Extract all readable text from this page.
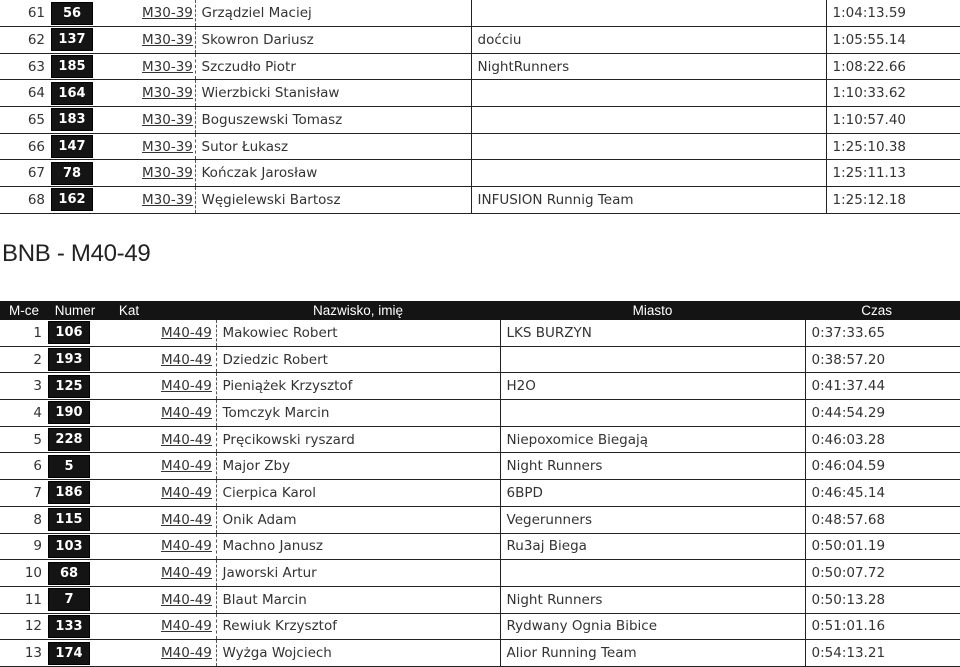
61	56		M30-39	Grządziel Maciej		1:04:13.59
62	137		M30-39	Skowron Dariusz	doćciu	1:05:55.14
63	185		M30-39	Szczudło Piotr	NightRunners	1:08:22.66
64	164		M30-39	Wierzbicki Stanisław		1:10:33.62
65	183		M30-39	Boguszewski Tomasz		1:10:57.40
66	147		M30-39	Sutor Łukasz		1:25:10.38
67	78		M30-39	Kończak Jarosław		1:25:11.13
68	162		M30-39	Węgielewski Bartosz	INFUSION Runnig Team	1:25:12.18
BNB - M40-49
M-ce	Numer	Kat		Nazwisko, imię	Miasto	Czas
1	106		M40-49	Makowiec Robert	LKS BURZYN	0:37:33.65
2	193		M40-49	Dziedzic Robert		0:38:57.20
3	125		M40-49	Pieniążek Krzysztof	H2O	0:41:37.44
4	190		M40-49	Tomczyk Marcin		0:44:54.29
5	228		M40-49	Pręcikowski ryszard	Niepoxomice Biegają	0:46:03.28
6	5		M40-49	Major Zby	Night Runners	0:46:04.59
7	186		M40-49	Cierpica Karol	6BPD	0:46:45.14
8	115		M40-49	Onik Adam	Vegerunners	0:48:57.68
9	103		M40-49	Machno Janusz	Ru3aj Biega	0:50:01.19
10	68		M40-49	Jaworski Artur		0:50:07.72
11	7		M40-49	Blaut Marcin	Night Runners	0:50:13.28
12	133		M40-49	Rewiuk Krzysztof	Rydwany Ognia Bibice	0:51:01.16
13	174		M40-49	Wyżga Wojciech	Alior Running Team	0:54:13.21
